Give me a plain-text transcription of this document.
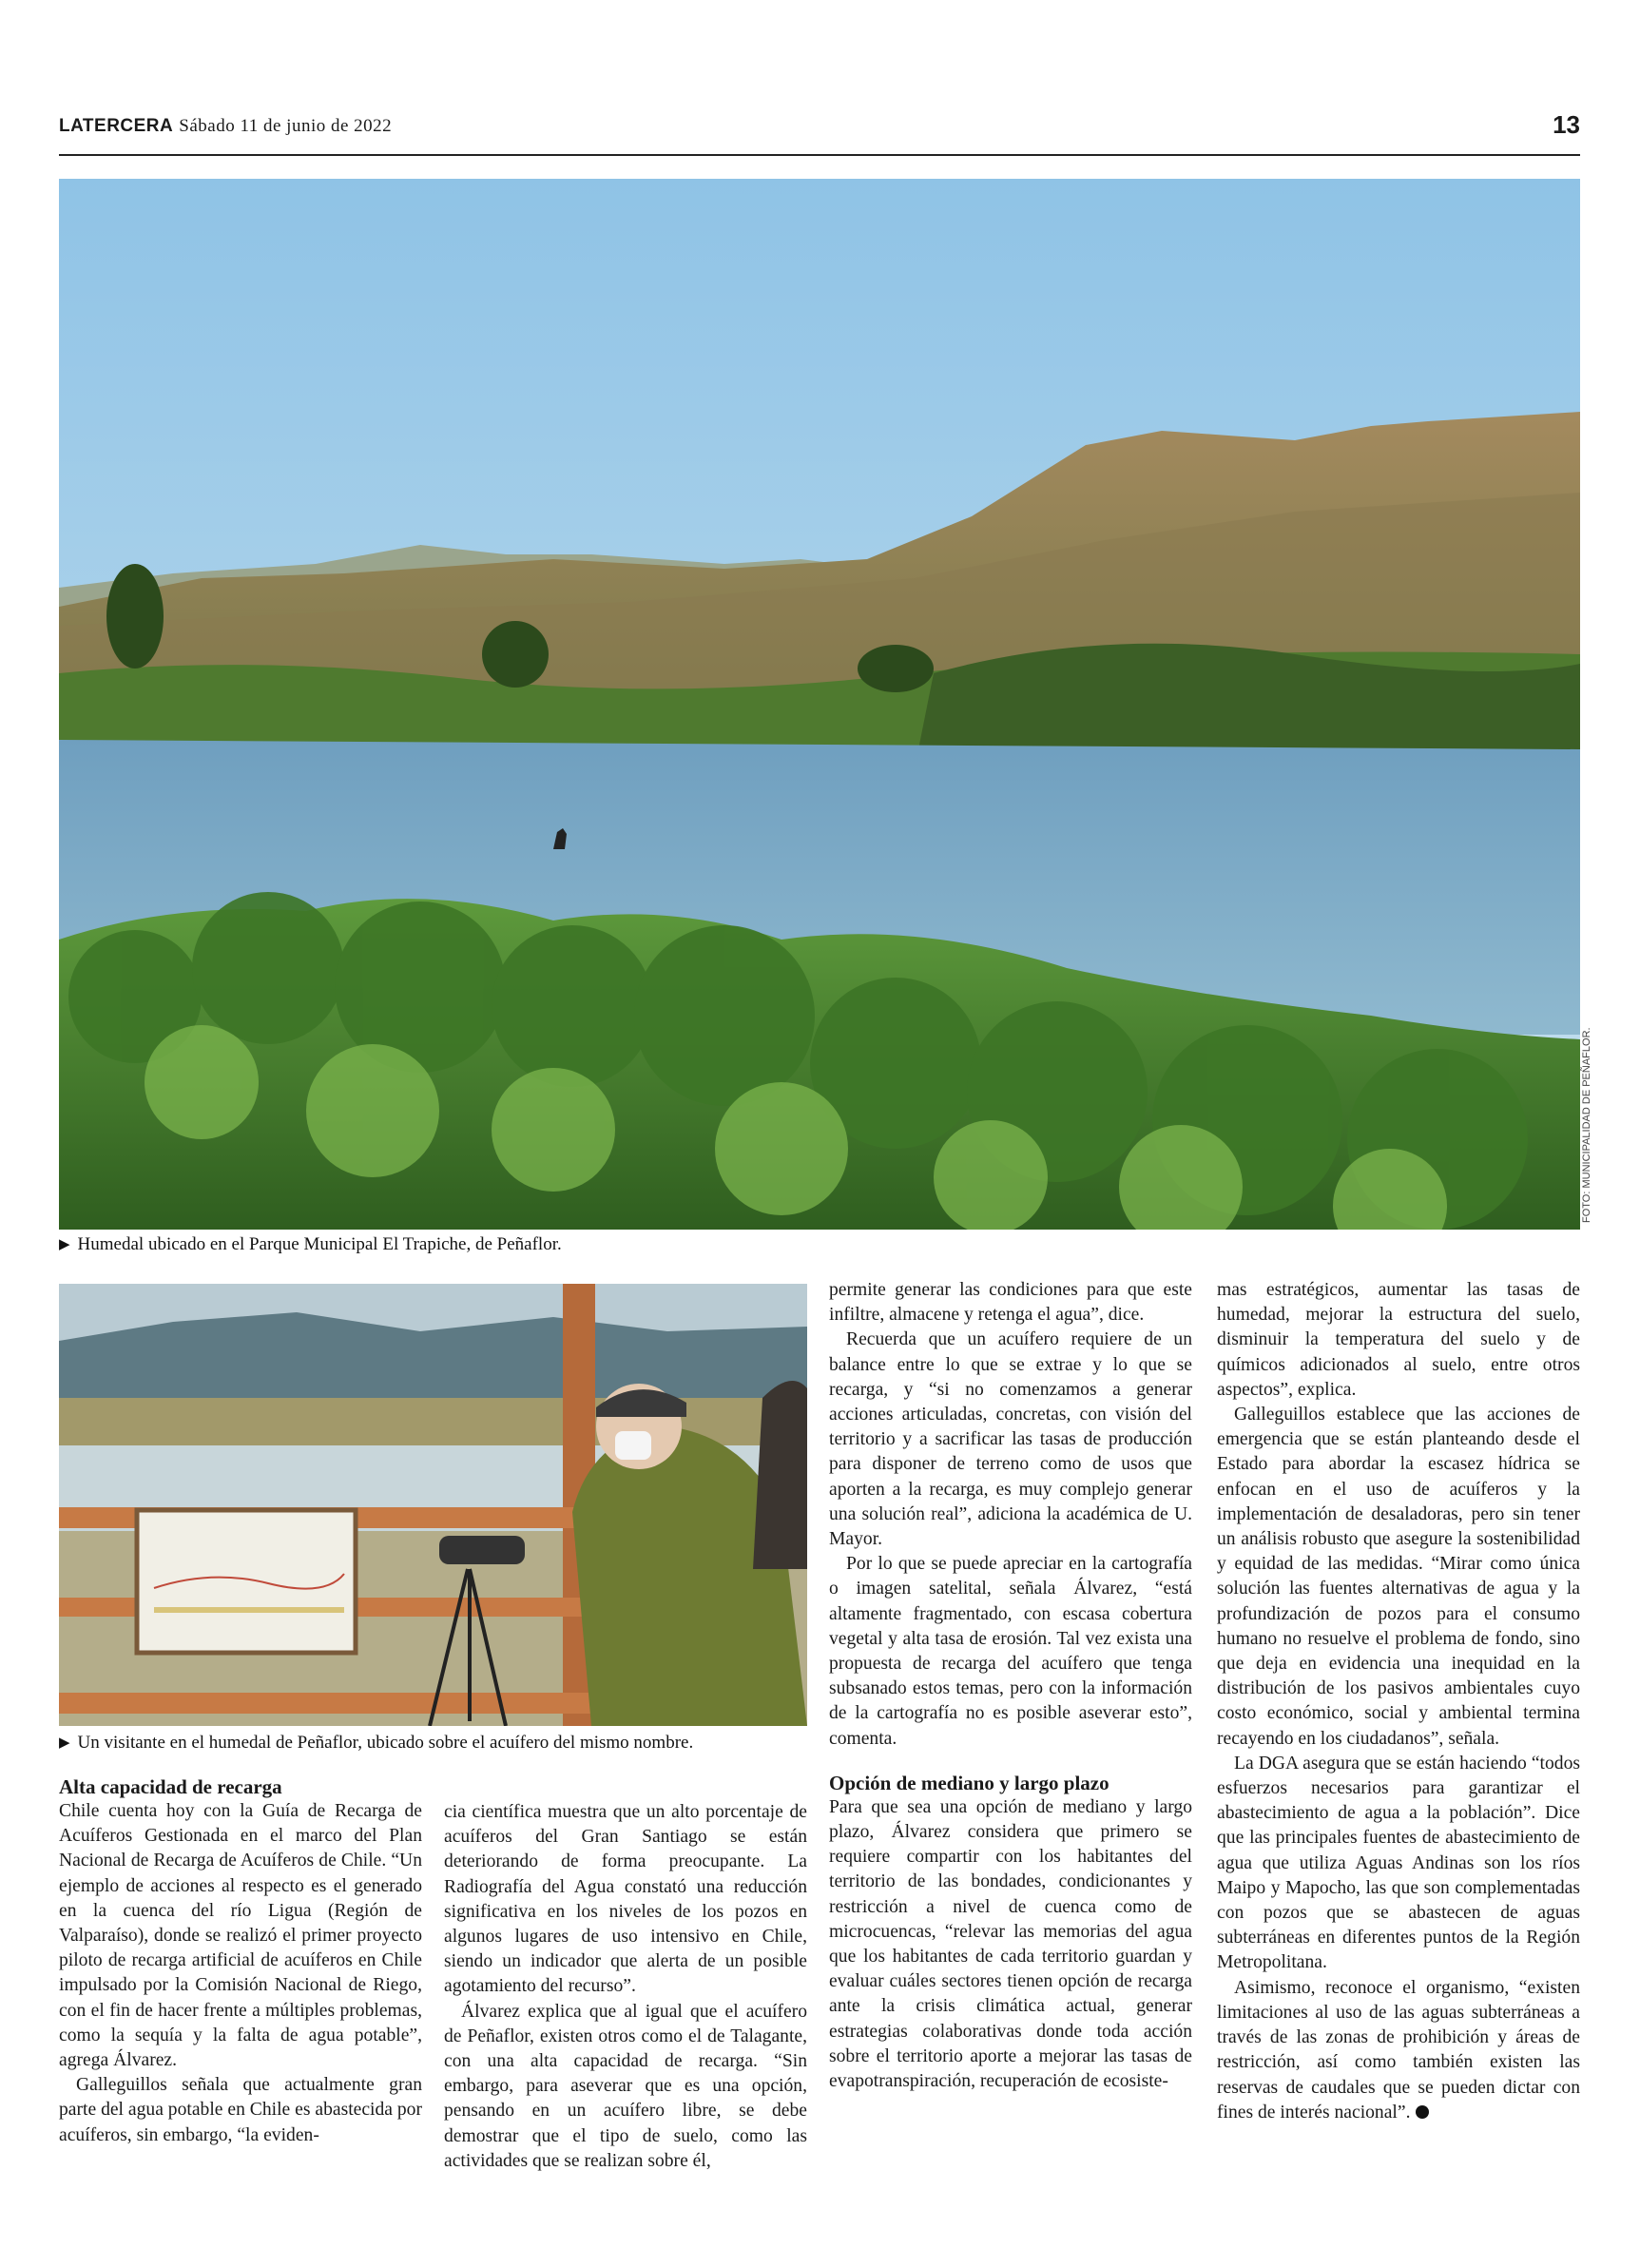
LATERCERA Sábado 11 de junio de 2022	13
FOTO: MUNICIPALIDAD DE PEÑAFLOR.
▶ Humedal ubicado en el Parque Municipal El Trapiche, de Peñaflor.
▶ Un visitante en el humedal de Peñaflor, ubicado sobre el acuífero del mismo nombre.
Alta capacidad de recarga

Chile cuenta hoy con la Guía de Recarga de Acuíferos Gestionada en el marco del Plan Nacional de Recarga de Acuíferos de Chile. “Un ejemplo de acciones al respecto es el generado en la cuenca del río Ligua (Región de Valparaíso), donde se realizó el primer proyecto piloto de recarga artificial de acuíferos en Chile impulsado por la Comisión Nacional de Riego, con el fin de hacer frente a múltiples problemas, como la sequía y la falta de agua potable”, agrega Álvarez.

Galleguillos señala que actualmente gran parte del agua potable en Chile es abastecida por acuíferos, sin embargo, “la eviden-

cia científica muestra que un alto porcentaje de acuíferos del Gran Santiago se están deteriorando de forma preocupante. La Radiografía del Agua constató una reducción significativa en los niveles de los pozos en algunos lugares de uso intensivo en Chile, siendo un indicador que alerta de un posible agotamiento del recurso”.

Álvarez explica que al igual que el acuífero de Peñaflor, existen otros como el de Talagante, con una alta capacidad de recarga. “Sin embargo, para aseverar que es una opción, pensando en un acuífero libre, se debe demostrar que el tipo de suelo, como las actividades que se realizan sobre él,

permite generar las condiciones para que este infiltre, almacene y retenga el agua”, dice.

Recuerda que un acuífero requiere de un balance entre lo que se extrae y lo que se recarga, y “si no comenzamos a generar acciones articuladas, concretas, con visión del territorio y a sacrificar las tasas de producción para disponer de terreno como de usos que aporten a la recarga, es muy complejo generar una solución real”, adiciona la académica de U. Mayor.

Por lo que se puede apreciar en la cartografía o imagen satelital, señala Álvarez, “está altamente fragmentado, con escasa cobertura vegetal y alta tasa de erosión. Tal vez exista una propuesta de recarga del acuífero que tenga subsanado estos temas, pero con la información de la cartografía no es posible aseverar esto”, comenta.

Opción de mediano y largo plazo

Para que sea una opción de mediano y largo plazo, Álvarez considera que primero se requiere compartir con los habitantes del territorio de las bondades, condicionantes y restricción a nivel de cuenca como de microcuencas, “relevar las memorias del agua que los habitantes de cada territorio guardan y evaluar cuáles sectores tienen opción de recarga ante la crisis climática actual, generar estrategias colaborativas donde toda acción sobre el territorio aporte a mejorar las tasas de evapotranspiración, recuperación de ecosiste-

mas estratégicos, aumentar las tasas de humedad, mejorar la estructura del suelo, disminuir la temperatura del suelo y de químicos adicionados al suelo, entre otros aspectos”, explica.

Galleguillos establece que las acciones de emergencia que se están planteando desde el Estado para abordar la escasez hídrica se enfocan en el uso de acuíferos y la implementación de desaladoras, pero sin tener un análisis robusto que asegure la sostenibilidad y equidad de las medidas. “Mirar como única solución las fuentes alternativas de agua y la profundización de pozos para el consumo humano no resuelve el problema de fondo, sino que deja en evidencia una inequidad en la distribución de los pasivos ambientales cuyo costo económico, social y ambiental termina recayendo en los ciudadanos”, señala.

La DGA asegura que se están haciendo “todos esfuerzos necesarios para garantizar el abastecimiento de agua a la población”. Dice que las principales fuentes de abastecimiento de agua que utiliza Aguas Andinas son los ríos Maipo y Mapocho, las que son complementadas con pozos que se abastecen de aguas subterráneas en diferentes puntos de la Región Metropolitana.

Asimismo, reconoce el organismo, “existen limitaciones al uso de las aguas subterráneas a través de las zonas de prohibición y áreas de restricción, así como también existen las reservas de caudales que se pueden dictar con fines de interés nacional”.
